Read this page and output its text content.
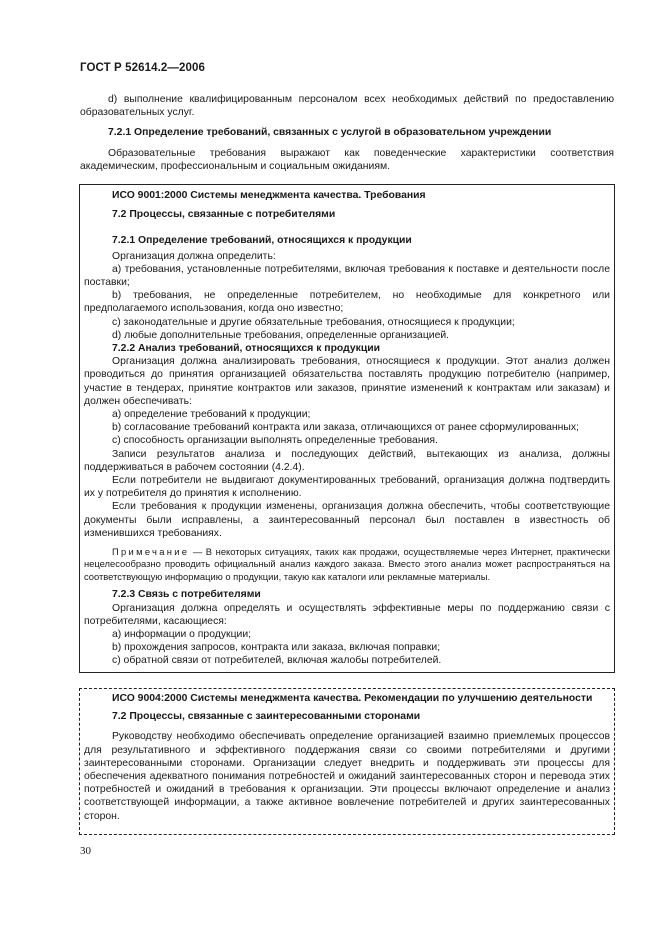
ГОСТ Р 52614.2—2006

d) выполнение квалифицированным персоналом всех необходимых действий по предоставлению образовательных услуг.

7.2.1 Определение требований, связанных с услугой в образовательном учреждении

Образовательные требования выражают как поведенческие характеристики соответствия академическим, профессиональным и социальным ожиданиям.

ИСО 9001:2000 Системы менеджмента качества. Требования

7.2 Процессы, связанные с потребителями

7.2.1 Определение требований, относящихся к продукции

Организация должна определить:

a) требования, установленные потребителями, включая требования к поставке и деятельности после поставки;

b) требования, не определенные потребителем, но необходимые для конкретного или предполагаемого использования, когда оно известно;

c) законодательные и другие обязательные требования, относящиеся к продукции;

d) любые дополнительные требования, определенные организацией.

7.2.2 Анализ требований, относящихся к продукции

Организация должна анализировать требования, относящиеся к продукции. Этот анализ должен проводиться до принятия организацией обязательства поставлять продукцию потребителю (например, участие в тендерах, принятие контрактов или заказов, принятие изменений к контрактам или заказам) и должен обеспечивать:

a) определение требований к продукции;

b) согласование требований контракта или заказа, отличающихся от ранее сформулированных;

c) способность организации выполнять определенные требования.

Записи результатов анализа и последующих действий, вытекающих из анализа, должны поддерживаться в рабочем состоянии (4.2.4).

Если потребители не выдвигают документированных требований, организация должна подтвердить их у потребителя до принятия к исполнению.

Если требования к продукции изменены, организация должна обеспечить, чтобы соответствующие документы были исправлены, а заинтересованный персонал был поставлен в известность об изменившихся требованиях.

Примечание — В некоторых ситуациях, таких как продажи, осуществляемые через Интернет, практически нецелесообразно проводить официальный анализ каждого заказа. Вместо этого анализ может распространяться на соответствующую информацию о продукции, такую как каталоги или рекламные материалы.

7.2.3 Связь с потребителями

Организация должна определять и осуществлять эффективные меры по поддержанию связи с потребителями, касающиеся:

a) информации о продукции;

b) прохождения запросов, контракта или заказа, включая поправки;

c) обратной связи от потребителей, включая жалобы потребителей.

ИСО 9004:2000 Системы менеджмента качества. Рекомендации по улучшению деятельности

7.2 Процессы, связанные с заинтересованными сторонами

Руководству необходимо обеспечивать определение организацией взаимно приемлемых процессов для результативного и эффективного поддержания связи со своими потребителями и другими заинтересованными сторонами. Организации следует внедрить и поддерживать эти процессы для обеспечения адекватного понимания потребностей и ожиданий заинтересованных сторон и перевода этих потребностей и ожиданий в требования к организации. Эти процессы включают определение и анализ соответствующей информации, а также активное вовлечение потребителей и других заинтересованных сторон.

30
